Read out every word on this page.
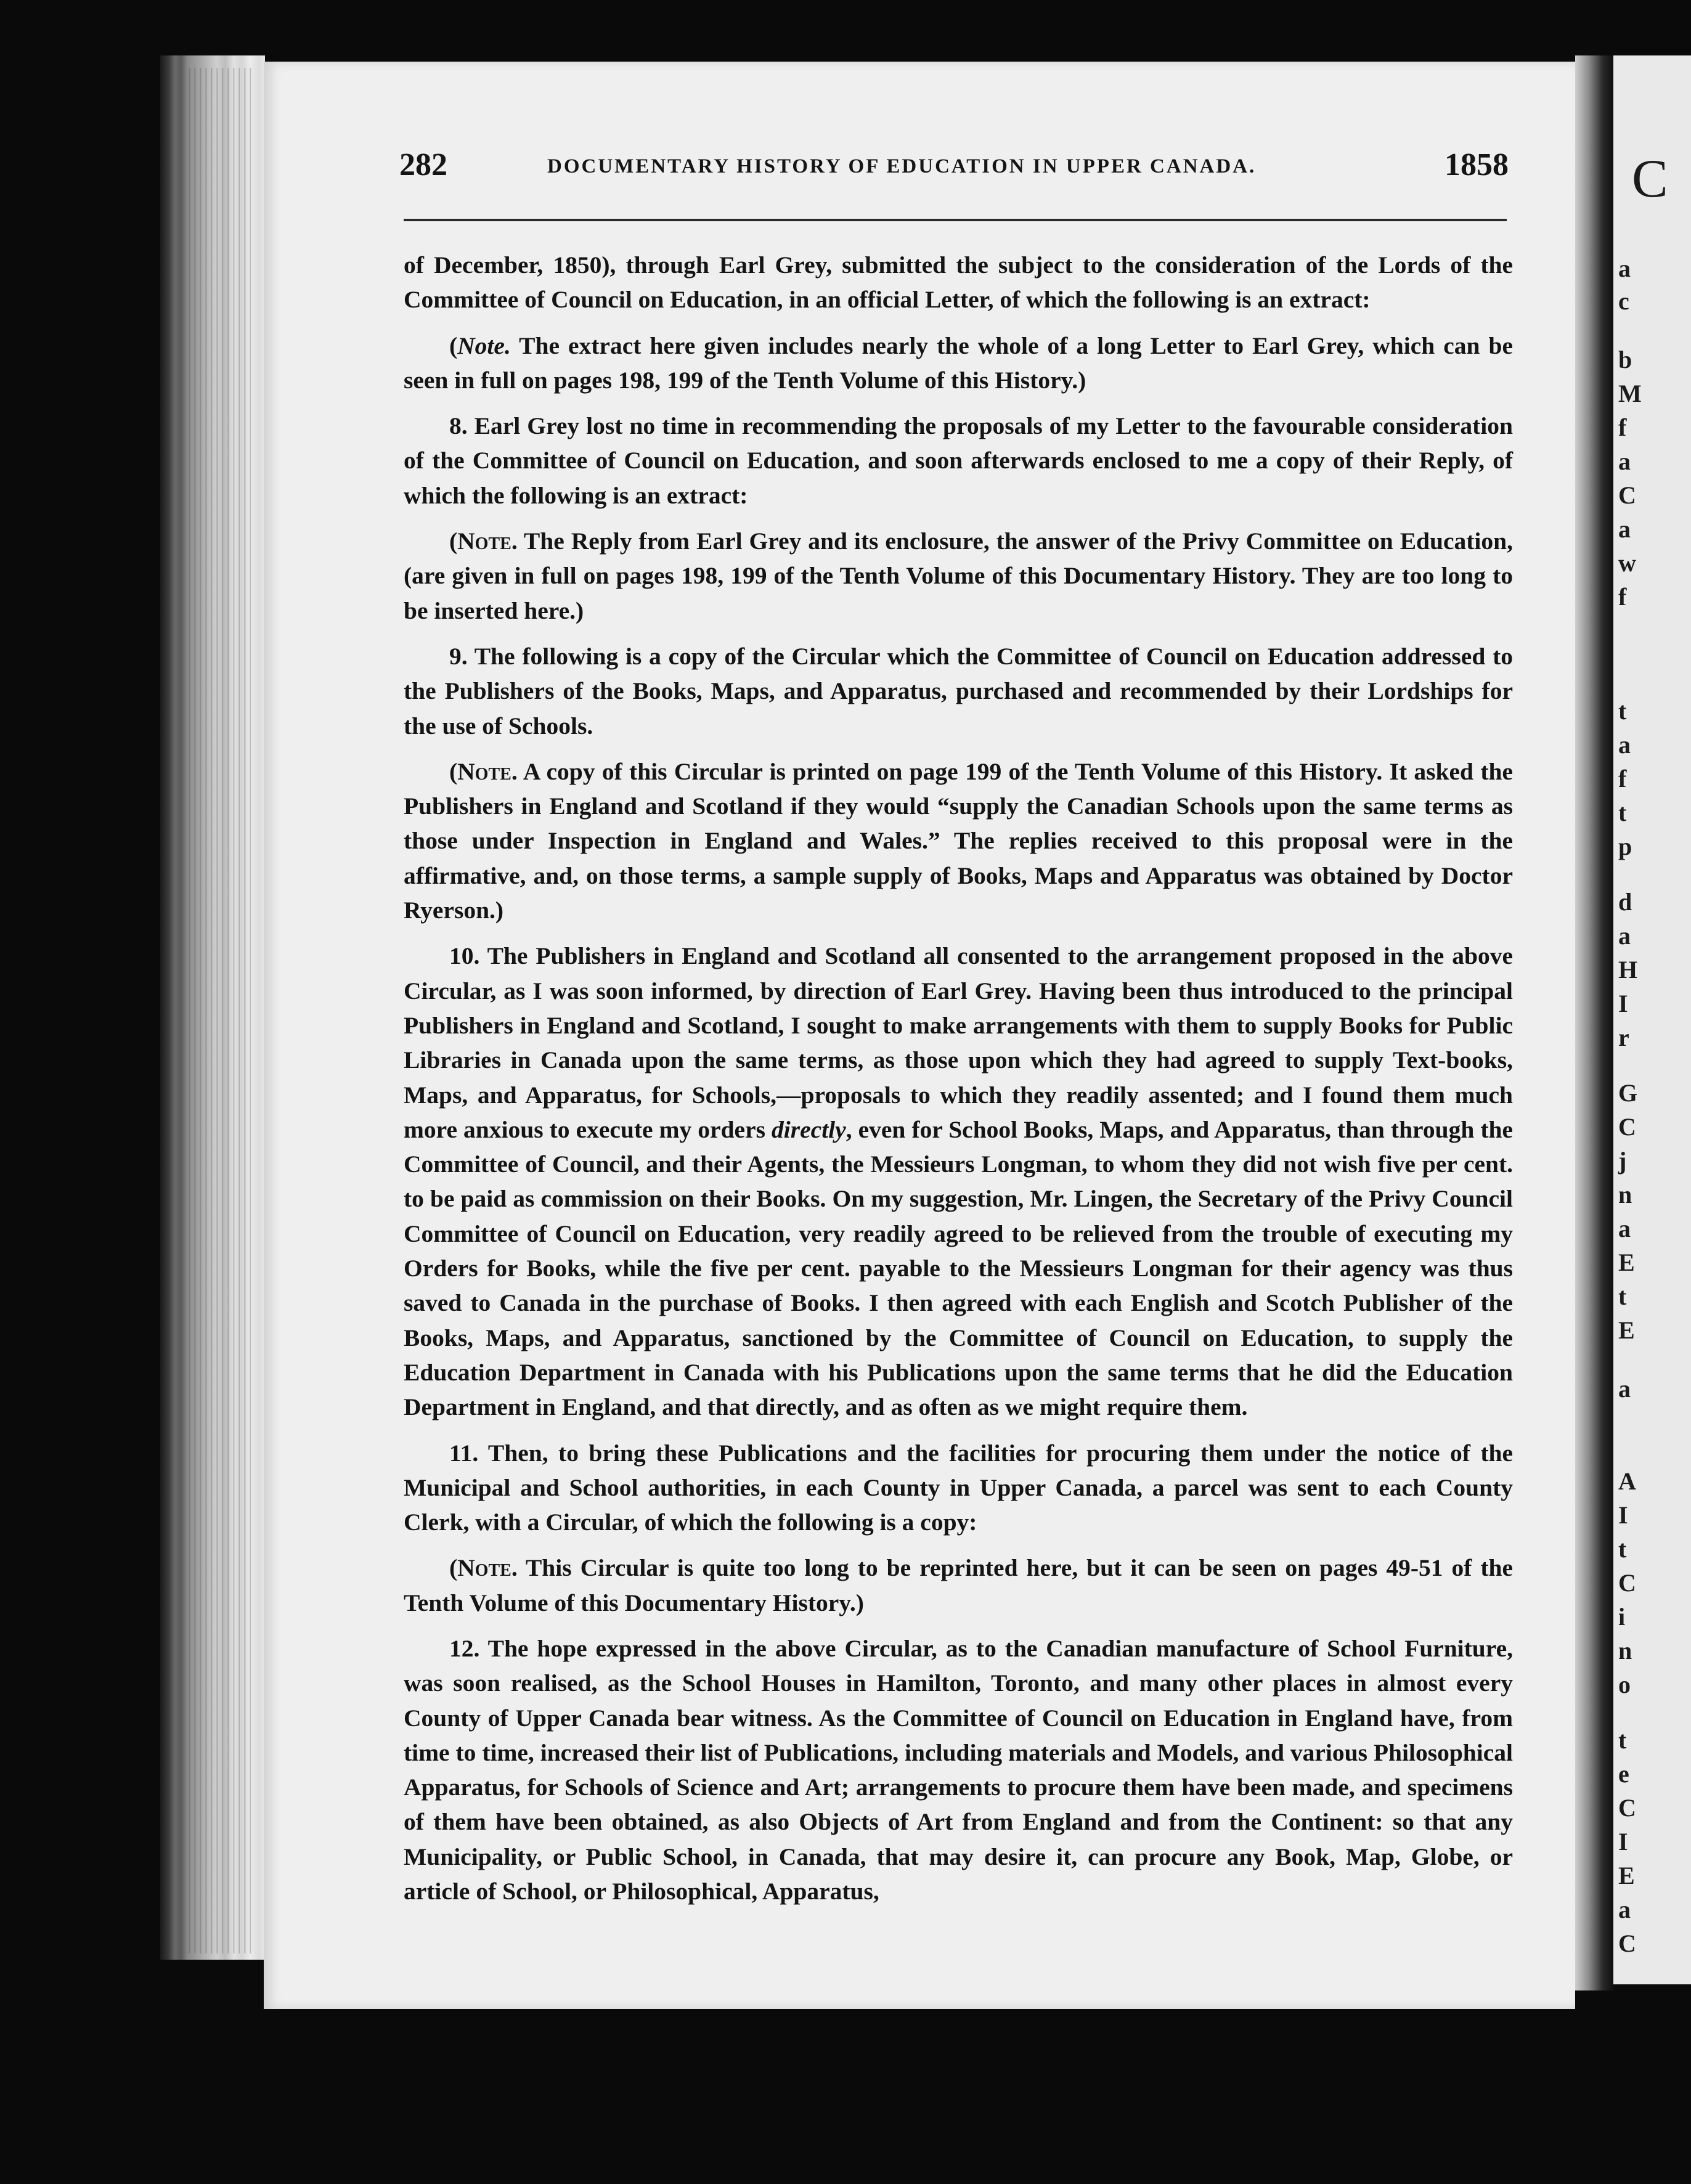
C
a
c
b
M
f
a
C
a
w
f
t
a
f
t
p
d
a
H
I
r
G
C
j
n
a
E
t
E
a
A
I
t
C
i
n
o
t
e
C
I
E
a
C
282	DOCUMENTARY HISTORY OF EDUCATION IN UPPER CANADA.	1858

of December, 1850), through Earl Grey, submitted the subject to the consideration of the Lords of the Committee of Council on Education, in an official Letter, of which the following is an extract:

(Note. The extract here given includes nearly the whole of a long Letter to Earl Grey, which can be seen in full on pages 198, 199 of the Tenth Volume of this History.)

8. Earl Grey lost no time in recommending the proposals of my Letter to the favourable consideration of the Committee of Council on Education, and soon afterwards enclosed to me a copy of their Reply, of which the following is an extract:

(Note. The Reply from Earl Grey and its enclosure, the answer of the Privy Committee on Education, (are given in full on pages 198, 199 of the Tenth Volume of this Documentary History. They are too long to be inserted here.)

9. The following is a copy of the Circular which the Committee of Council on Education addressed to the Publishers of the Books, Maps, and Apparatus, purchased and recommended by their Lordships for the use of Schools.

(Note. A copy of this Circular is printed on page 199 of the Tenth Volume of this History. It asked the Publishers in England and Scotland if they would “supply the Canadian Schools upon the same terms as those under Inspection in England and Wales.” The replies received to this proposal were in the affirmative, and, on those terms, a sample supply of Books, Maps and Apparatus was obtained by Doctor Ryerson.)

10. The Publishers in England and Scotland all consented to the arrangement proposed in the above Circular, as I was soon informed, by direction of Earl Grey. Having been thus introduced to the principal Publishers in England and Scotland, I sought to make arrangements with them to supply Books for Public Libraries in Canada upon the same terms, as those upon which they had agreed to supply Text-books, Maps, and Apparatus, for Schools,—proposals to which they readily assented; and I found them much more anxious to execute my orders directly, even for School Books, Maps, and Apparatus, than through the Committee of Council, and their Agents, the Messieurs Longman, to whom they did not wish five per cent. to be paid as commission on their Books. On my suggestion, Mr. Lingen, the Secretary of the Privy Council Committee of Council on Education, very readily agreed to be relieved from the trouble of executing my Orders for Books, while the five per cent. payable to the Messieurs Longman for their agency was thus saved to Canada in the purchase of Books. I then agreed with each English and Scotch Publisher of the Books, Maps, and Apparatus, sanctioned by the Committee of Council on Education, to supply the Education Department in Canada with his Publications upon the same terms that he did the Education Department in England, and that directly, and as often as we might require them.

11. Then, to bring these Publications and the facilities for procuring them under the notice of the Municipal and School authorities, in each County in Upper Canada, a parcel was sent to each County Clerk, with a Circular, of which the following is a copy:

(Note. This Circular is quite too long to be reprinted here, but it can be seen on pages 49-51 of the Tenth Volume of this Documentary History.)

12. The hope expressed in the above Circular, as to the Canadian manufacture of School Furniture, was soon realised, as the School Houses in Hamilton, Toronto, and many other places in almost every County of Upper Canada bear witness. As the Committee of Council on Education in England have, from time to time, increased their list of Publications, including materials and Models, and various Philosophical Apparatus, for Schools of Science and Art; arrangements to procure them have been made, and specimens of them have been obtained, as also Objects of Art from England and from the Continent: so that any Municipality, or Public School, in Canada, that may desire it, can procure any Book, Map, Globe, or article of School, or Philosophical, Apparatus,
